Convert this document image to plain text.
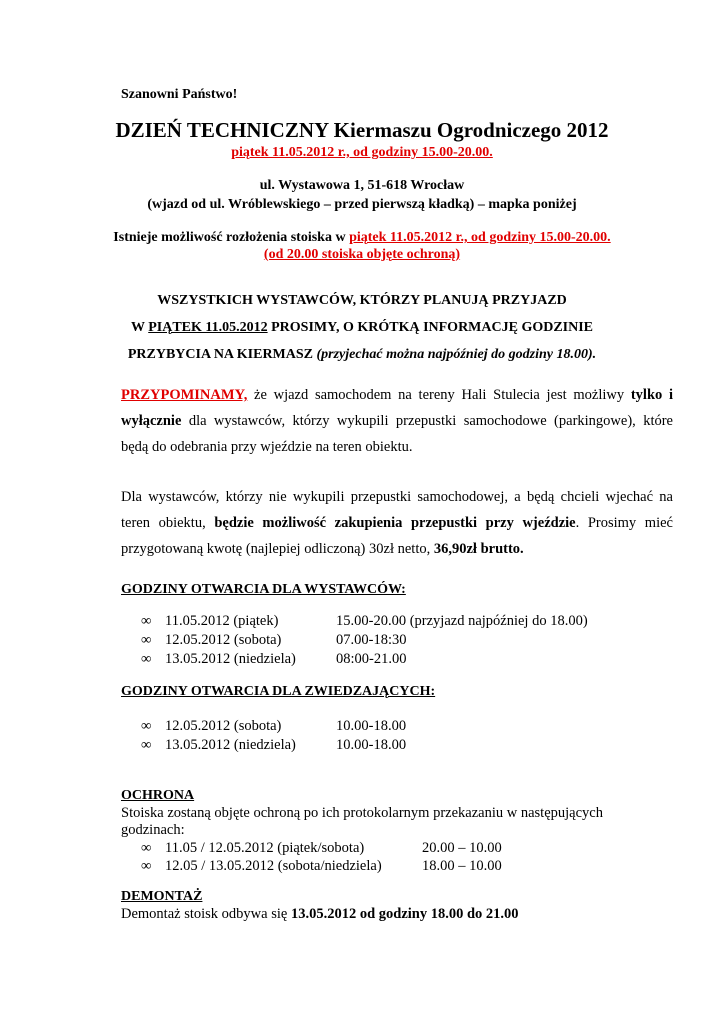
Szanowni Państwo!
DZIEŃ TECHNICZNY Kiermaszu Ogrodniczego 2012
piątek 11.05.2012 r., od godziny 15.00-20.00.
ul. Wystawowa 1, 51-618 Wrocław
(wjazd od ul. Wróblewskiego – przed pierwszą kładką) – mapka poniżej
Istnieje możliwość rozłożenia stoiska w piątek 11.05.2012 r., od godziny 15.00-20.00.
(od 20.00 stoiska objęte ochroną)
WSZYSTKICH WYSTAWCÓW, KTÓRZY PLANUJĄ PRZYJAZD
W PIĄTEK 11.05.2012 PROSIMY, O KRÓTKĄ INFORMACJĘ GODZINIE
PRZYBYCIA NA KIERMASZ (przyjechać można najpóźniej do godziny 18.00).
PRZYPOMINAMY, że wjazd samochodem na tereny Hali Stulecia jest możliwy tylko i wyłącznie dla wystawców, którzy wykupili przepustki samochodowe (parkingowe), które będą do odebrania przy wjeździe na teren obiektu.
Dla wystawców, którzy nie wykupili przepustki samochodowej, a będą chcieli wjechać na teren obiektu, będzie możliwość zakupienia przepustki przy wjeździe. Prosimy mieć przygotowaną kwotę (najlepiej odliczoną) 30zł netto, 36,90zł brutto.
GODZINY OTWARCIA DLA WYSTAWCÓW:
∞ 11.05.2012 (piątek)	15.00-20.00 (przyjazd najpóźniej do 18.00)
∞ 12.05.2012 (sobota)	07.00-18:30
∞ 13.05.2012 (niedziela)	08:00-21.00
GODZINY OTWARCIA DLA ZWIEDZAJĄCYCH:
∞ 12.05.2012 (sobota)	10.00-18.00
∞ 13.05.2012 (niedziela)	10.00-18.00
OCHRONA
Stoiska zostaną objęte ochroną po ich protokolarnym przekazaniu w następujących
godzinach:
∞ 11.05 / 12.05.2012 (piątek/sobota)	20.00 – 10.00
∞ 12.05 / 13.05.2012 (sobota/niedziela)	18.00 – 10.00
DEMONTAŻ
Demontaż stoisk odbywa się 13.05.2012 od godziny 18.00 do 21.00
